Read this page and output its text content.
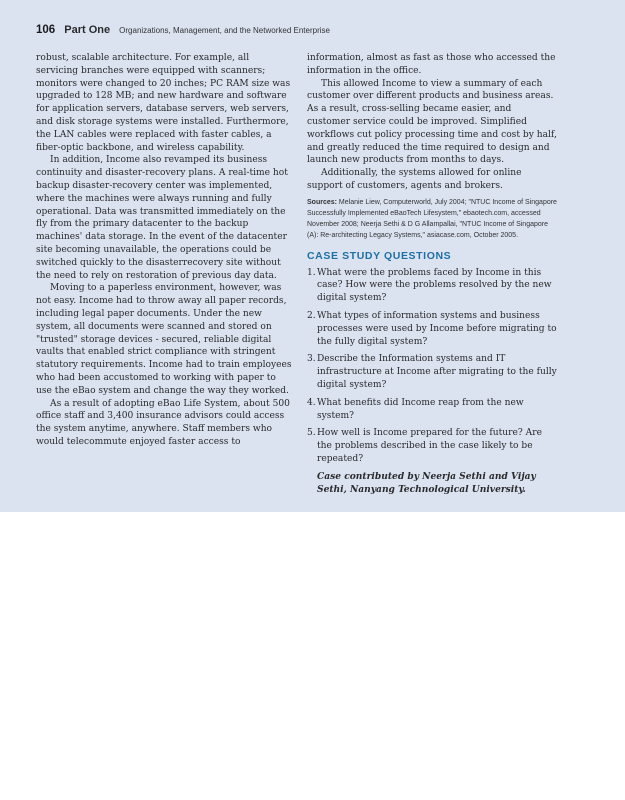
106 Part One Organizations, Management, and the Networked Enterprise

robust, scalable architecture. For example, all servicing branches were equipped with scanners; monitors were changed to 20 inches; PC RAM size was upgraded to 128 MB; and new hardware and software for application servers, database servers, web servers, and disk storage systems were installed. Furthermore, the LAN cables were replaced with faster cables, a fiber-optic backbone, and wireless capability.

In addition, Income also revamped its business continuity and disaster-recovery plans. A real-time hot backup disaster-recovery center was implemented, where the machines were always running and fully operational. Data was transmitted immediately on the fly from the primary datacenter to the backup machines' data storage. In the event of the datacenter site becoming unavailable, the operations could be switched quickly to the disasterrecovery site without the need to rely on restoration of previous day data.

Moving to a paperless environment, however, was not easy. Income had to throw away all paper records, including legal paper documents. Under the new system, all documents were scanned and stored on "trusted" storage devices - secured, reliable digital vaults that enabled strict compliance with stringent statutory requirements. Income had to train employees who had been accustomed to working with paper to use the eBao system and change the way they worked.

As a result of adopting eBao Life System, about 500 office staff and 3,400 insurance advisors could access the system anytime, anywhere. Staff members who would telecommute enjoyed faster access to

information, almost as fast as those who accessed the information in the office.

This allowed Income to view a summary of each customer over different products and business areas. As a result, cross-selling became easier, and customer service could be improved. Simplified workflows cut policy processing time and cost by half, and greatly reduced the time required to design and launch new products from months to days.

Additionally, the systems allowed for online support of customers, agents and brokers.

Sources: Melanie Liew, Computerworld, July 2004; "NTUC Income of Singapore Successfully Implemented eBaoTech Lifesystem," ebaotech.com, accessed November 2008; Neerja Sethi & D G Allampallai, "NTUC Income of Singapore (A): Re-architecting Legacy Systems," asiacase.com, October 2005.

CASE STUDY QUESTIONS
1. What were the problems faced by Income in this case? How were the problems resolved by the new digital system?
2. What types of information systems and business processes were used by Income before migrating to the fully digital system?
3. Describe the Information systems and IT infrastructure at Income after migrating to the fully digital system?
4. What benefits did Income reap from the new system?
5. How well is Income prepared for the future? Are the problems described in the case likely to be repeated?

Case contributed by Neerja Sethi and Vijay Sethi, Nanyang Technological University.
